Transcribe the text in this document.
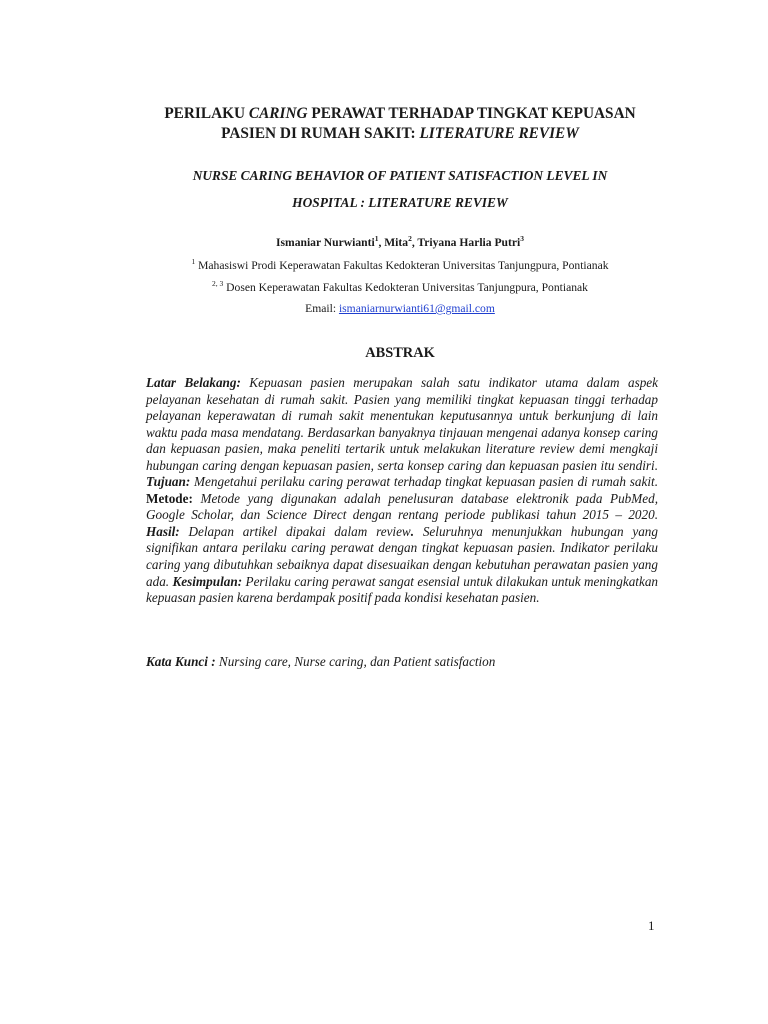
PERILAKU CARING PERAWAT TERHADAP TINGKAT KEPUASAN
PASIEN DI RUMAH SAKIT: LITERATURE REVIEW
NURSE CARING BEHAVIOR OF PATIENT SATISFACTION LEVEL IN
HOSPITAL : LITERATURE REVIEW
Ismaniar Nurwianti$^1$, Mita$^2$, Triyana Harlia Putri$^3$
$^1$ Mahasiswi Prodi Keperawatan Fakultas Kedokteran Universitas Tanjungpura, Pontianak
$^{2, 3}$ Dosen Keperawatan Fakultas Kedokteran Universitas Tanjungpura, Pontianak
Email: ismaniarnurwianti61@gmail.com
ABSTRAK
Latar Belakang: Kepuasan pasien merupakan salah satu indikator utama dalam aspek pelayanan kesehatan di rumah sakit. Pasien yang memiliki tingkat kepuasan tinggi terhadap pelayanan keperawatan di rumah sakit menentukan keputusannya untuk berkunjung di lain waktu pada masa mendatang. Berdasarkan banyaknya tinjauan mengenai adanya konsep caring dan kepuasan pasien, maka peneliti tertarik untuk melakukan literature review demi mengkaji hubungan caring dengan kepuasan pasien, serta konsep caring dan kepuasan pasien itu sendiri. Tujuan: Mengetahui perilaku caring perawat terhadap tingkat kepuasan pasien di rumah sakit. Metode: Metode yang digunakan adalah penelusuran database elektronik pada PubMed, Google Scholar, dan Science Direct dengan rentang periode publikasi tahun 2015 – 2020. Hasil: Delapan artikel dipakai dalam review. Seluruhnya menunjukkan hubungan yang signifikan antara perilaku caring perawat dengan tingkat kepuasan pasien. Indikator perilaku caring yang dibutuhkan sebaiknya dapat disesuaikan dengan kebutuhan perawatan pasien yang ada. Kesimpulan: Perilaku caring perawat sangat esensial untuk dilakukan untuk meningkatkan kepuasan pasien karena berdampak positif pada kondisi kesehatan pasien.
Kata Kunci : Nursing care, Nurse caring, dan Patient satisfaction
1
